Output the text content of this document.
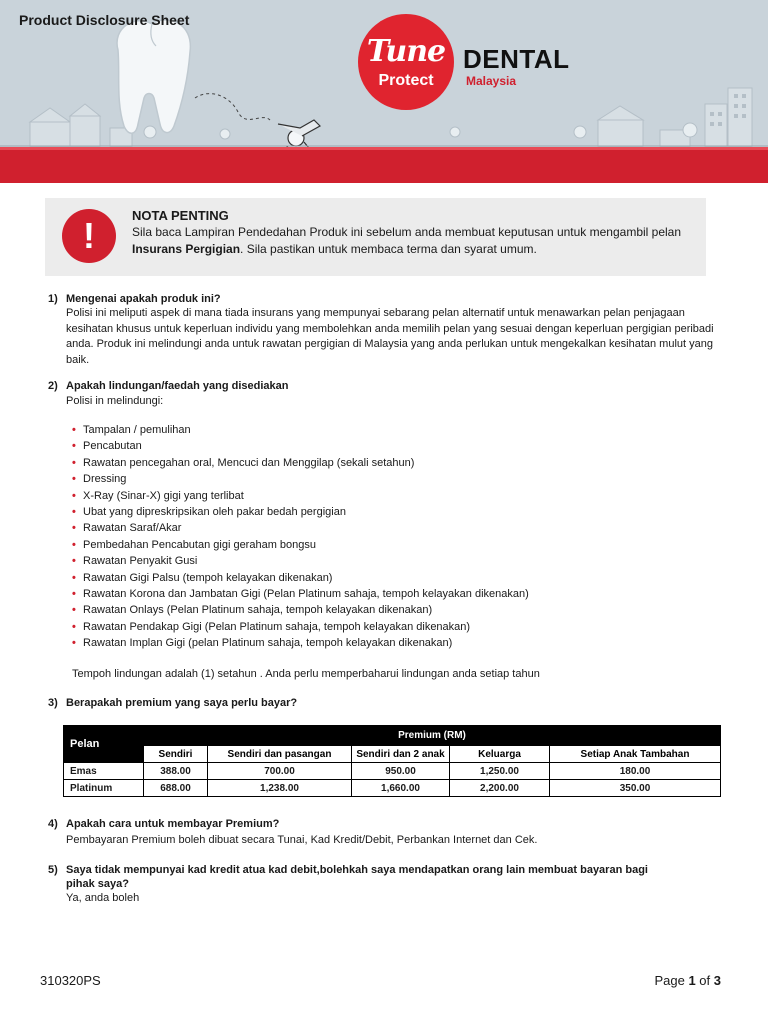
Product Disclosure Sheet
Tune
Protect
DENTAL
Malaysia
!	NOTA PENTING
Sila baca Lampiran Pendedahan Produk ini sebelum anda membuat keputusan untuk mengambil pelan Insurans Pergigian. Sila pastikan untuk membaca terma dan syarat umum.
1) Mengenai apakah produk ini?
Polisi ini meliputi aspek di mana tiada insurans yang mempunyai sebarang pelan alternatif untuk menawarkan pelan penjagaan kesihatan khusus untuk keperluan individu yang membolehkan anda memilih pelan yang sesuai dengan keperluan pergigian peribadi anda. Produk ini melindungi anda untuk rawatan pergigian di Malaysia yang anda perlukan untuk mengekalkan kesihatan mulut yang baik.
2) Apakah lindungan/faedah yang disediakan
Polisi in melindungi:
• Tampalan / pemulihan
• Pencabutan
• Rawatan pencegahan oral, Mencuci dan Menggilap (sekali setahun)
• Dressing
• X-Ray (Sinar-X) gigi yang terlibat
• Ubat yang dipreskripsikan oleh pakar bedah pergigian
• Rawatan Saraf/Akar
• Pembedahan Pencabutan gigi geraham bongsu
• Rawatan Penyakit Gusi
• Rawatan Gigi Palsu (tempoh kelayakan dikenakan)
• Rawatan Korona dan Jambatan Gigi (Pelan Platinum sahaja, tempoh kelayakan dikenakan)
• Rawatan Onlays (Pelan Platinum sahaja, tempoh kelayakan dikenakan)
• Rawatan Pendakap Gigi (Pelan Platinum sahaja, tempoh kelayakan dikenakan)
• Rawatan Implan Gigi (pelan Platinum sahaja, tempoh kelayakan dikenakan)
Tempoh lindungan adalah (1) setahun . Anda perlu memperbaharui lindungan anda setiap tahun
3) Berapakah premium yang saya perlu bayar?
Pelan	Premium (RM)				
	Sendiri	Sendiri dan pasangan	Sendiri dan 2 anak	Keluarga	Setiap Anak Tambahan
Emas	388.00	700.00	950.00	1,250.00	180.00
Platinum	688.00	1,238.00	1,660.00	2,200.00	350.00
4) Apakah cara untuk membayar Premium?
Pembayaran Premium boleh dibuat secara Tunai, Kad Kredit/Debit, Perbankan Internet dan Cek.
5) Saya tidak mempunyai kad kredit atua kad debit,bolehkah saya mendapatkan orang lain membuat bayaran bagi
pihak saya?
Ya, anda boleh
310320PS	Page 1 of 3
